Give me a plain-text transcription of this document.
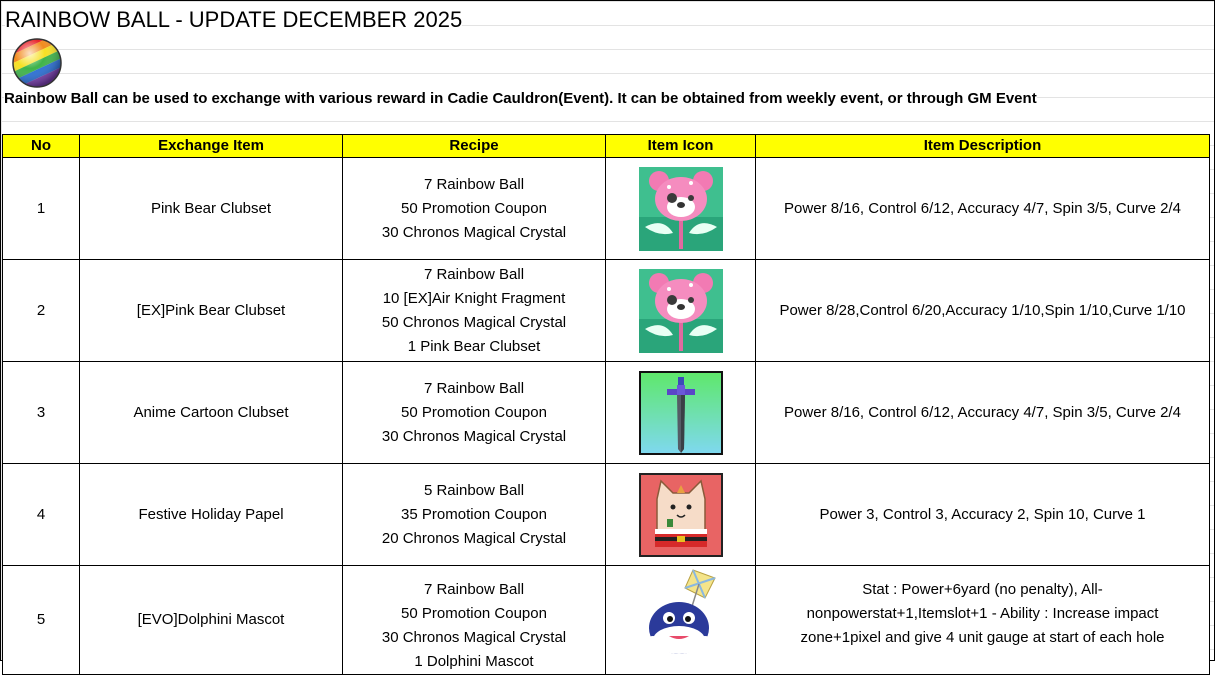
RAINBOW BALL - UPDATE DECEMBER 2025
Rainbow Ball can be used to exchange with various reward in Cadie Cauldron(Event). It can be obtained from weekly event, or through GM Event
No	Exchange Item	Recipe	Item Icon	Item Description
1	Pink Bear Clubset	7 Rainbow Ball
50 Promotion Coupon
30 Chronos Magical Crystal		Power 8/16, Control 6/12, Accuracy 4/7, Spin 3/5, Curve 2/4

2	[EX]Pink Bear Clubset	7 Rainbow Ball
10 [EX]Air Knight Fragment
50 Chronos Magical Crystal
1 Pink Bear Clubset		Power 8/28,Control 6/20,Accuracy 1/10,Spin 1/10,Curve 1/10

3	Anime Cartoon Clubset	7 Rainbow Ball
50 Promotion Coupon
30 Chronos Magical Crystal		Power 8/16, Control 6/12, Accuracy 4/7, Spin 3/5, Curve 2/4

4	Festive Holiday Papel	5 Rainbow Ball
35 Promotion Coupon
20 Chronos Magical Crystal		Power 3, Control 3, Accuracy 2, Spin 10, Curve 1

5	[EVO]Dolphini Mascot	7 Rainbow Ball
50 Promotion Coupon
30 Chronos Magical Crystal
1 Dolphini Mascot		Stat : Power+6yard (no penalty), All-nonpowerstat+1,Itemslot+1 - Ability : Increase impact zone+1pixel and give 4 unit gauge at start of each hole
